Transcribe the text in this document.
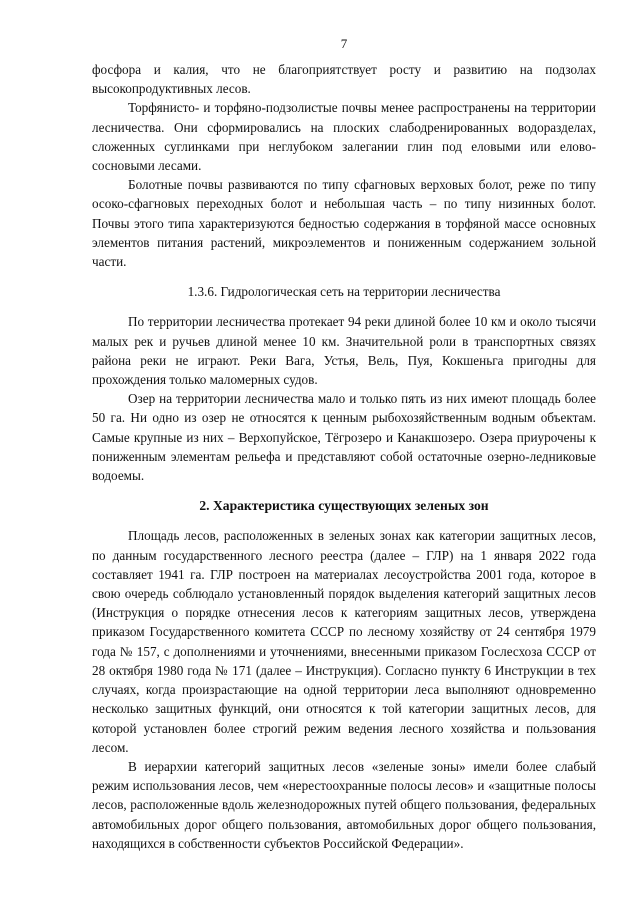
7

фосфора и калия, что не благоприятствует росту и развитию на подзолах высокопродуктивных лесов.

Торфянисто- и торфяно-подзолистые почвы менее распространены на территории лесничества. Они сформировались на плоских слабодренированных водоразделах, сложенных суглинками при неглубоком залегании глин под еловыми или елово-сосновыми лесами.

Болотные почвы развиваются по типу сфагновых верховых болот, реже по типу осоко-сфагновых переходных болот и небольшая часть – по типу низинных болот. Почвы этого типа характеризуются бедностью содержания в торфяной массе основных элементов питания растений, микроэлементов и пониженным содержанием зольной части.

1.3.6. Гидрологическая сеть на территории лесничества

По территории лесничества протекает 94 реки длиной более 10 км и около тысячи малых рек и ручьев длиной менее 10 км. Значительной роли в транспортных связях района реки не играют. Реки Вага, Устья, Вель, Пуя, Кокшеньга пригодны для прохождения только маломерных судов.

Озер на территории лесничества мало и только пять из них имеют площадь более 50 га. Ни одно из озер не относятся к ценным рыбохозяйственным водным объектам. Самые крупные из них – Верхопуйское, Тёгрозеро и Канакшозеро. Озера приурочены к пониженным элементам рельефа и представляют собой остаточные озерно-ледниковые водоемы.

2. Характеристика существующих зеленых зон

Площадь лесов, расположенных в зеленых зонах как категории защитных лесов, по данным государственного лесного реестра (далее – ГЛР) на 1 января 2022 года составляет 1941 га. ГЛР построен на материалах лесоустройства 2001 года, которое в свою очередь соблюдало установленный порядок выделения категорий защитных лесов (Инструкция о порядке отнесения лесов к категориям защитных лесов, утверждена приказом Государственного комитета СССР по лесному хозяйству от 24 сентября 1979 года № 157, с дополнениями и уточнениями, внесенными приказом Гослесхоза СССР от 28 октября 1980 года № 171 (далее – Инструкция). Согласно пункту 6 Инструкции в тех случаях, когда произрастающие на одной территории леса выполняют одновременно несколько защитных функций, они относятся к той категории защитных лесов, для которой установлен более строгий режим ведения лесного хозяйства и пользования лесом.

В иерархии категорий защитных лесов «зеленые зоны» имели более слабый режим использования лесов, чем «нерестоохранные полосы лесов» и «защитные полосы лесов, расположенные вдоль железнодорожных путей общего пользования, федеральных автомобильных дорог общего пользования, автомобильных дорог общего пользования, находящихся в собственности субъектов Российской Федерации».
